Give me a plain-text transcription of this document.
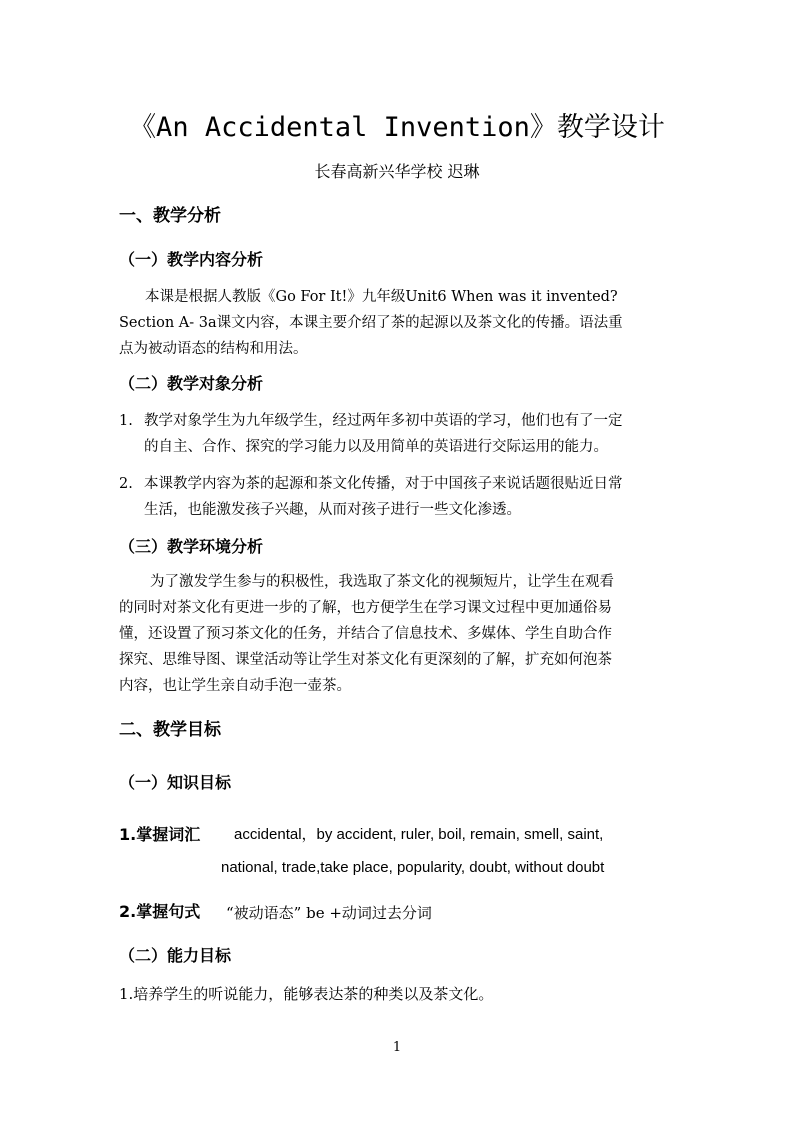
《An Accidental Invention》教学设计
长春高新兴华学校 迟琳
一、教学分析
（一）教学内容分析
本课是根据人教版《Go For It!》九年级Unit6 When was it invented?
Section A- 3a课文内容，本课主要介绍了茶的起源以及茶文化的传播。语法重
点为被动语态的结构和用法。
（二）教学对象分析
1. 教学对象学生为九年级学生，经过两年多初中英语的学习，他们也有了一定
的自主、合作、探究的学习能力以及用简单的英语进行交际运用的能力。
2. 本课教学内容为茶的起源和茶文化传播，对于中国孩子来说话题很贴近日常
生活，也能激发孩子兴趣，从而对孩子进行一些文化渗透。
（三）教学环境分析
为了激发学生参与的积极性，我选取了茶文化的视频短片，让学生在观看
的同时对茶文化有更进一步的了解，也方便学生在学习课文过程中更加通俗易
懂，还设置了预习茶文化的任务，并结合了信息技术、多媒体、学生自助合作
探究、思维导图、课堂活动等让学生对茶文化有更深刻的了解，扩充如何泡茶
内容，也让学生亲自动手泡一壶茶。
二、教学目标
（一）知识目标
1.掌握词汇 accidental，by accident, ruler, boil, remain, smell, saint,
national, trade,take place, popularity, doubt, without doubt
2.掌握句式 “被动语态” be +动词过去分词
（二）能力目标
1.培养学生的听说能力，能够表达茶的种类以及茶文化。
1
